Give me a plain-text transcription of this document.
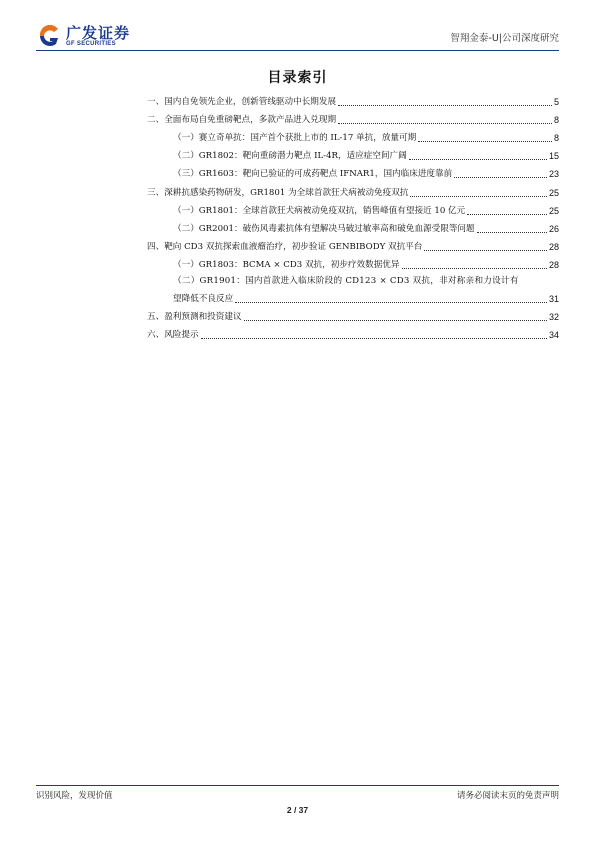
广发证券
GF SECURITIES	智翔金泰-U|公司深度研究
目录索引
一、国内自免领先企业，创新管线驱动中长期发展	5
二、全面布局自免重磅靶点，多款产品进入兑现期	8
（一）赛立奇单抗：国产首个获批上市的 IL-17 单抗，放量可期	8
（二）GR1802：靶向重磅潜力靶点 IL-4R，适应症空间广阔	15
（三）GR1603：靶向已验证的可成药靶点 IFNAR1，国内临床进度靠前	23
三、深耕抗感染药物研发，GR1801 为全球首款狂犬病被动免疫双抗	25
（一）GR1801：全球首款狂犬病被动免疫双抗，销售峰值有望接近 10 亿元	25
（二）GR2001：破伤风毒素抗体有望解决马破过敏率高和破免血源受限等问题	26
四、靶向 CD3 双抗探索血液瘤治疗，初步验证 GENBIBODY 双抗平台	28
（一）GR1803：BCMA × CD3 双抗，初步疗效数据优异	28
（二）GR1901：国内首款进入临床阶段的 CD123 × CD3 双抗，非对称亲和力设计有
望降低不良反应	31
五、盈利预测和投资建议	32
六、风险提示	34
识别风险，发现价值	请务必阅读末页的免责声明
2 / 37
